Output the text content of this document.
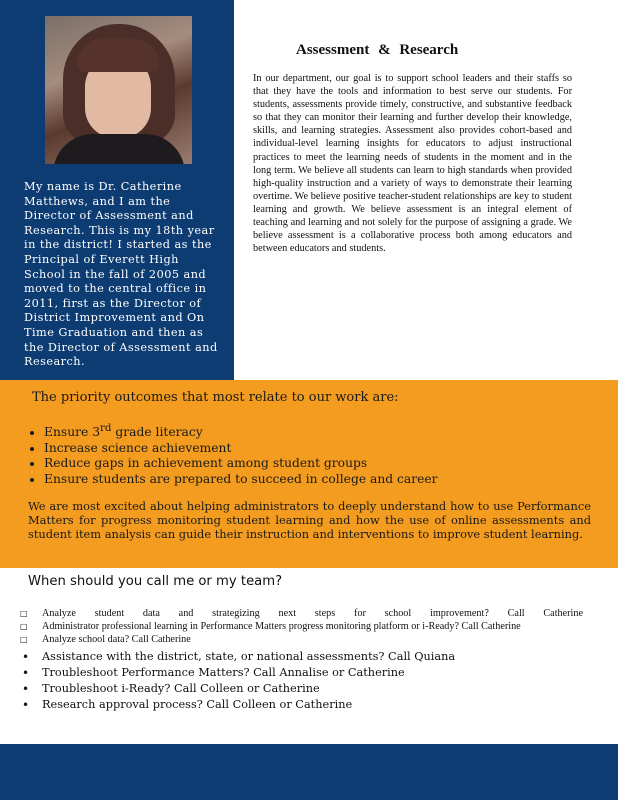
My name is Dr. Catherine Matthews, and I am the Director of Assessment and Research. This is my 18th year in the district! I started as the Principal of Everett High School in the fall of 2005 and moved to the central office in 2011, first as the Director of District Improvement and On Time Graduation and then as the Director of Assessment and Research.

Assessment & Research

In our department, our goal is to support school leaders and their staffs so that they have the tools and information to best serve our students. For students, assessments provide timely, constructive, and substantive feedback so that they can monitor their learning and further develop their knowledge, skills, and learning strategies. Assessment also provides cohort-based and individual-level learning insights for educators to adjust instructional practices to meet the learning needs of students in the moment and in the long term. We believe all students can learn to high standards when provided high-quality instruction and a variety of ways to demonstrate their learning overtime. We believe positive teacher-student relationships are key to student learning and growth. We believe assessment is an integral element of teaching and learning and not solely for the purpose of assigning a grade. We believe assessment is a collaborative process both among educators and between educators and students.

The priority outcomes that most relate to our work are:

• Ensure 3rd grade literacy
• Increase science achievement
• Reduce gaps in achievement among student groups
• Ensure students are prepared to succeed in college and career

We are most excited about helping administrators to deeply understand how to use Performance Matters for progress monitoring student learning and how the use of online assessments and student item analysis can guide their instruction and interventions to improve student learning.

When should you call me or my team?

□ Analyze student data and strategizing next steps for school improvement? Call Catherine
□ Administrator professional learning in Performance Matters progress monitoring platform or i-Ready? Call Catherine
□ Analyze school data? Call Catherine
• Assistance with the district, state, or national assessments? Call Quiana
• Troubleshoot Performance Matters? Call Annalise or Catherine
• Troubleshoot i-Ready? Call Colleen or Catherine
• Research approval process? Call Colleen or Catherine
